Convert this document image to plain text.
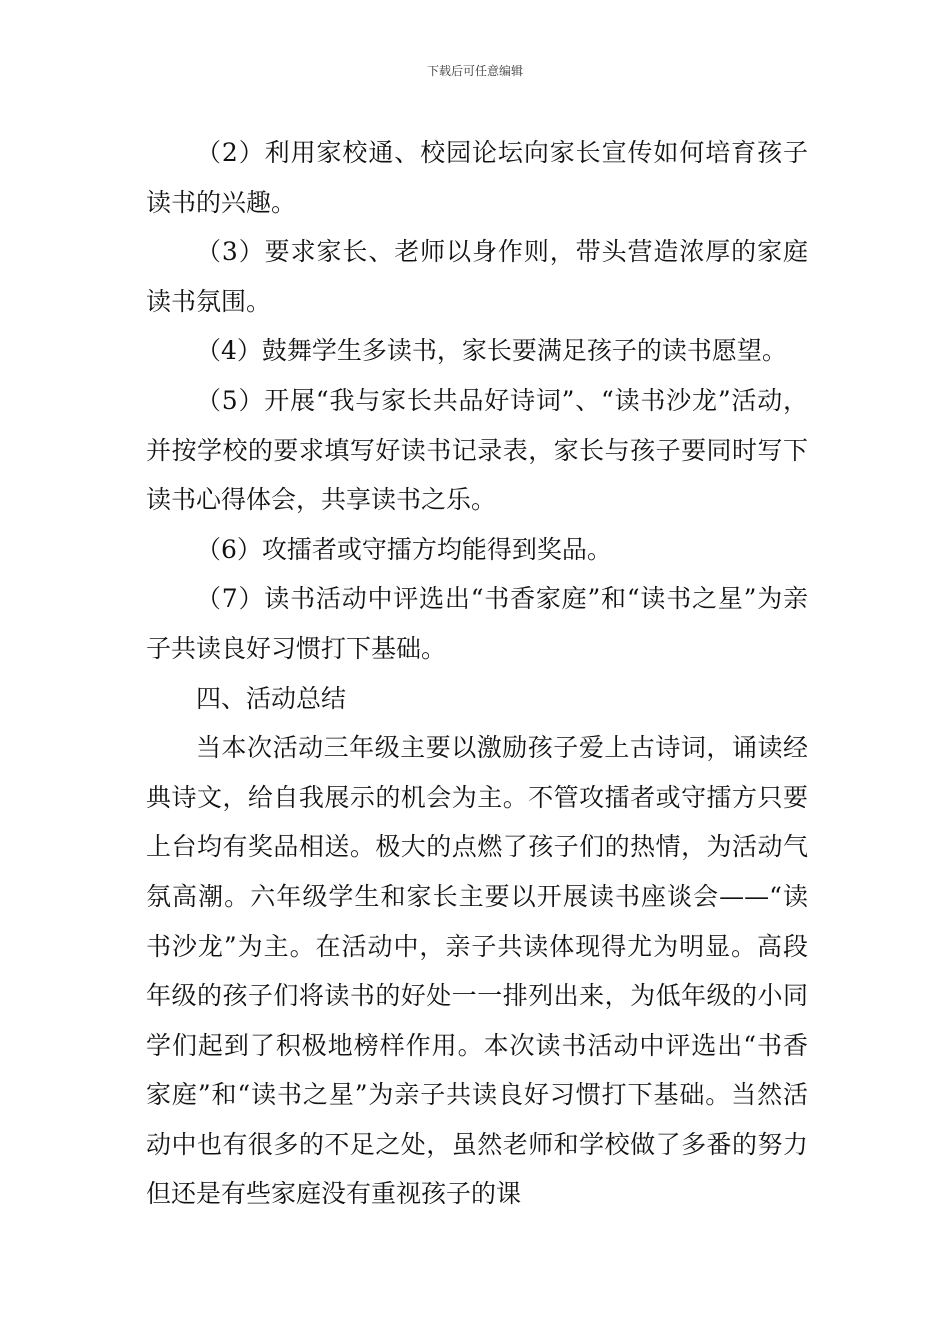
下载后可任意编辑

（2）利用家校通、校园论坛向家长宣传如何培育孩子读书的兴趣。

（3）要求家长、老师以身作则，带头营造浓厚的家庭读书氛围。

（4）鼓舞学生多读书，家长要满足孩子的读书愿望。

（5）开展“我与家长共品好诗词”、“读书沙龙”活动，并按学校的要求填写好读书记录表，家长与孩子要同时写下读书心得体会，共享读书之乐。

（6）攻擂者或守擂方均能得到奖品。

（7）读书活动中评选出“书香家庭”和“读书之星”为亲子共读良好习惯打下基础。

四、活动总结

当本次活动三年级主要以激励孩子爱上古诗词，诵读经典诗文，给自我展示的机会为主。不管攻擂者或守擂方只要上台均有奖品相送。极大的点燃了孩子们的热情，为活动气氛高潮。六年级学生和家长主要以开展读书座谈会——“读书沙龙”为主。在活动中，亲子共读体现得尤为明显。高段年级的孩子们将读书的好处一一排列出来，为低年级的小同学们起到了积极地榜样作用。本次读书活动中评选出“书香家庭”和“读书之星”为亲子共读良好习惯打下基础。当然活动中也有很多的不足之处，虽然老师和学校做了多番的努力但还是有些家庭没有重视孩子的课
